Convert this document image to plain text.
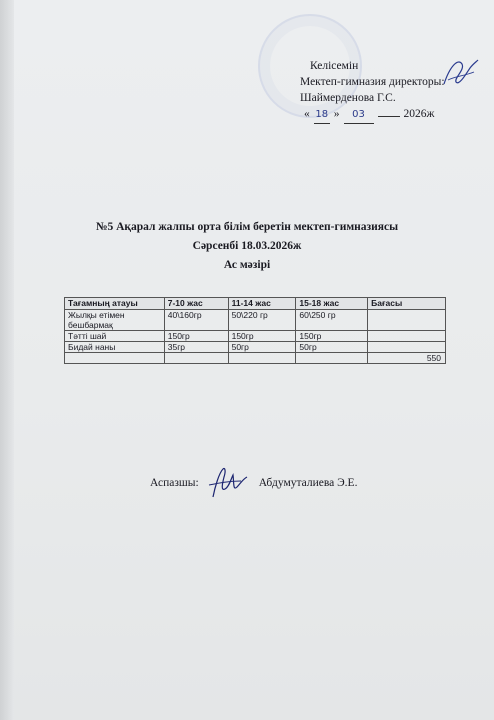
Келісемін
Мектеп-гимназия директоры:
Шаймерденова Г.С.
« 18 »	03	2026ж
№5 Ақарал жалпы орта білім беретін мектеп-гимназиясы
Сәрсенбі 18.03.2026ж
Ас мәзірі
Тағамның атауы	7-10 жас	11-14 жас	15-18 жас	Бағасы
Жылқы етімен бешбармақ	40\160гр	50\220 гр	60\250 гр	
Тәтті шай	150гр	150гр	150гр	
Бидай наны	35гр	50гр	50гр	
				550
Аспазшы:	Абдумуталиева Э.Е.
